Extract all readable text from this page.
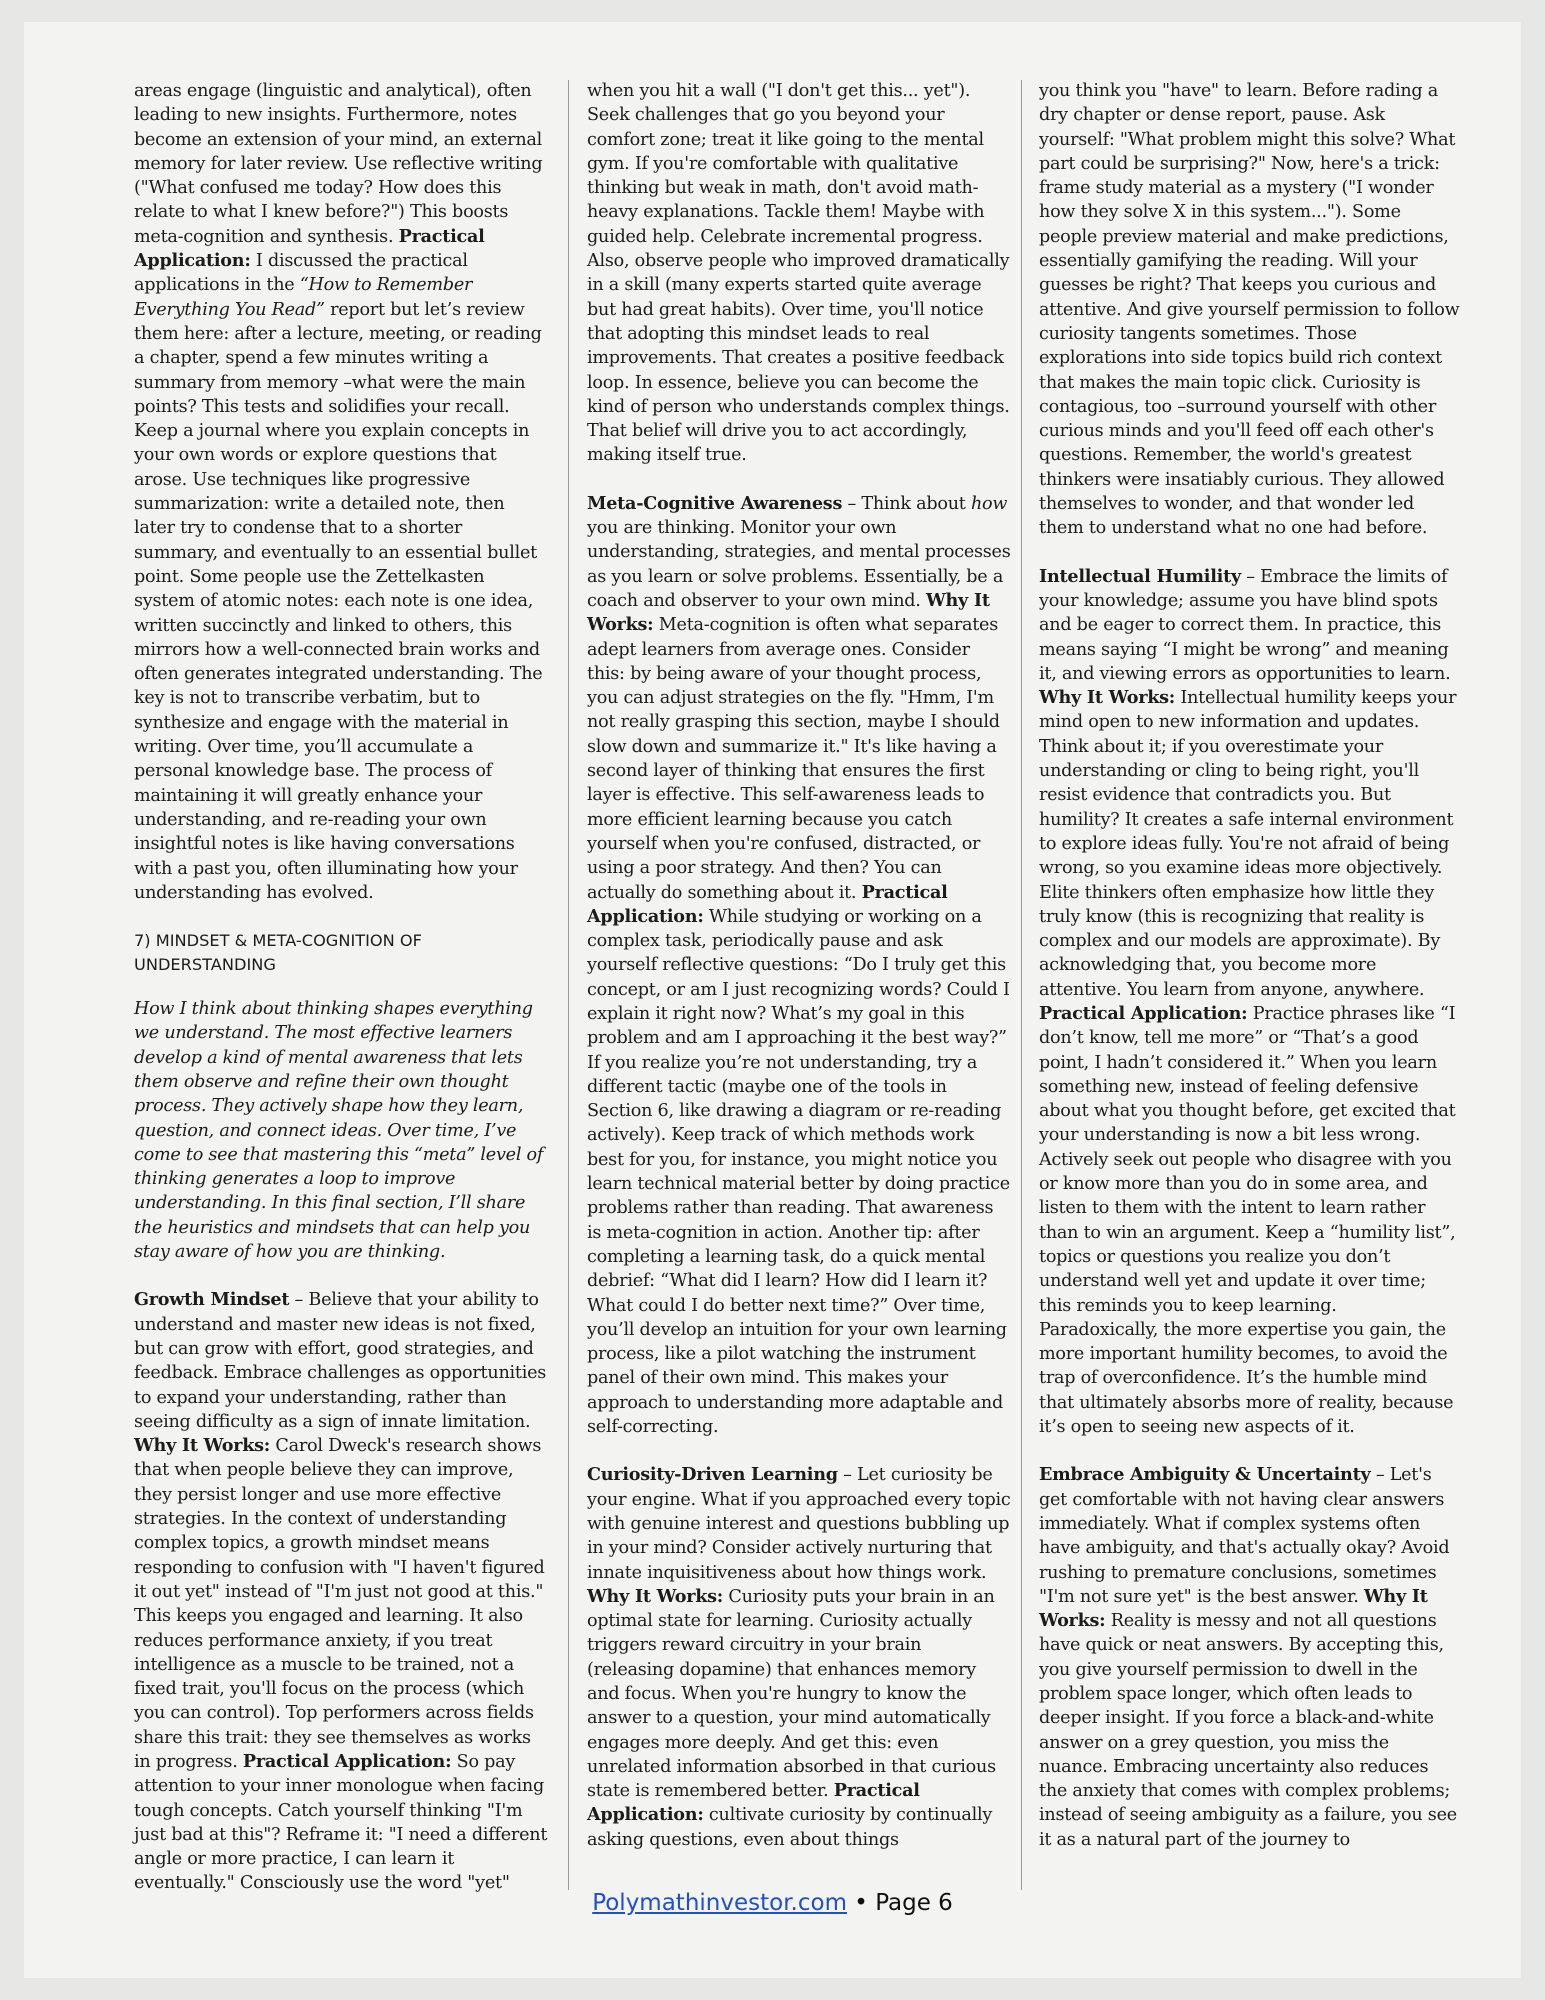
areas engage (linguistic and analytical), often leading to new insights. Furthermore, notes become an extension of your mind, an external memory for later review. Use reflective writing ("What confused me today? How does this relate to what I knew before?") This boosts meta-cognition and synthesis. Practical Application: I discussed the practical applications in the “How to Remember Everything You Read” report but let’s review them here: after a lecture, meeting, or reading a chapter, spend a few minutes writing a summary from memory –what were the main points? This tests and solidifies your recall. Keep a journal where you explain concepts in your own words or explore questions that arose. Use techniques like progressive summarization: write a detailed note, then later try to condense that to a shorter summary, and eventually to an essential bullet point. Some people use the Zettelkasten system of atomic notes: each note is one idea, written succinctly and linked to others, this mirrors how a well-connected brain works and often generates integrated understanding. The key is not to transcribe verbatim, but to synthesize and engage with the material in writing. Over time, you’ll accumulate a personal knowledge base. The process of maintaining it will greatly enhance your understanding, and re-reading your own insightful notes is like having conversations with a past you, often illuminating how your understanding has evolved.

7) MINDSET & META-COGNITION OF UNDERSTANDING

How I think about thinking shapes everything we understand. The most effective learners develop a kind of mental awareness that lets them observe and refine their own thought process. They actively shape how they learn, question, and connect ideas. Over time, I’ve come to see that mastering this “meta” level of thinking generates a loop to improve understanding. In this final section, I’ll share the heuristics and mindsets that can help you stay aware of how you are thinking.

Growth Mindset – Believe that your ability to understand and master new ideas is not fixed, but can grow with effort, good strategies, and feedback. Embrace challenges as opportunities to expand your understanding, rather than seeing difficulty as a sign of innate limitation. Why It Works: Carol Dweck's research shows that when people believe they can improve, they persist longer and use more effective strategies. In the context of understanding complex topics, a growth mindset means responding to confusion with "I haven't figured it out yet" instead of "I'm just not good at this." This keeps you engaged and learning. It also reduces performance anxiety, if you treat intelligence as a muscle to be trained, not a fixed trait, you'll focus on the process (which you can control). Top performers across fields share this trait: they see themselves as works in progress. Practical Application: So pay attention to your inner monologue when facing tough concepts. Catch yourself thinking "I'm just bad at this"? Reframe it: "I need a different angle or more practice, I can learn it eventually." Consciously use the word "yet"

when you hit a wall ("I don't get this... yet"). Seek challenges that go you beyond your comfort zone; treat it like going to the mental gym. If you're comfortable with qualitative thinking but weak in math, don't avoid math-heavy explanations. Tackle them! Maybe with guided help. Celebrate incremental progress. Also, observe people who improved dramatically in a skill (many experts started quite average but had great habits). Over time, you'll notice that adopting this mindset leads to real improvements. That creates a positive feedback loop. In essence, believe you can become the kind of person who understands complex things. That belief will drive you to act accordingly, making itself true.

Meta-Cognitive Awareness – Think about how you are thinking. Monitor your own understanding, strategies, and mental processes as you learn or solve problems. Essentially, be a coach and observer to your own mind. Why It Works: Meta-cognition is often what separates adept learners from average ones. Consider this: by being aware of your thought process, you can adjust strategies on the fly. "Hmm, I'm not really grasping this section, maybe I should slow down and summarize it." It's like having a second layer of thinking that ensures the first layer is effective. This self-awareness leads to more efficient learning because you catch yourself when you're confused, distracted, or using a poor strategy. And then? You can actually do something about it. Practical Application: While studying or working on a complex task, periodically pause and ask yourself reflective questions: “Do I truly get this concept, or am I just recognizing words? Could I explain it right now? What’s my goal in this problem and am I approaching it the best way?” If you realize you’re not understanding, try a different tactic (maybe one of the tools in Section 6, like drawing a diagram or re-reading actively). Keep track of which methods work best for you, for instance, you might notice you learn technical material better by doing practice problems rather than reading. That awareness is meta-cognition in action. Another tip: after completing a learning task, do a quick mental debrief: “What did I learn? How did I learn it? What could I do better next time?” Over time, you’ll develop an intuition for your own learning process, like a pilot watching the instrument panel of their own mind. This makes your approach to understanding more adaptable and self-correcting.

Curiosity-Driven Learning – Let curiosity be your engine. What if you approached every topic with genuine interest and questions bubbling up in your mind? Consider actively nurturing that innate inquisitiveness about how things work. Why It Works: Curiosity puts your brain in an optimal state for learning. Curiosity actually triggers reward circuitry in your brain (releasing dopamine) that enhances memory and focus. When you're hungry to know the answer to a question, your mind automatically engages more deeply. And get this: even unrelated information absorbed in that curious state is remembered better. Practical Application: cultivate curiosity by continually asking questions, even about things

you think you "have" to learn. Before rading a dry chapter or dense report, pause. Ask yourself: "What problem might this solve? What part could be surprising?" Now, here's a trick: frame study material as a mystery ("I wonder how they solve X in this system..."). Some people preview material and make predictions, essentially gamifying the reading. Will your guesses be right? That keeps you curious and attentive. And give yourself permission to follow curiosity tangents sometimes. Those explorations into side topics build rich context that makes the main topic click. Curiosity is contagious, too –surround yourself with other curious minds and you'll feed off each other's questions. Remember, the world's greatest thinkers were insatiably curious. They allowed themselves to wonder, and that wonder led them to understand what no one had before.

Intellectual Humility – Embrace the limits of your knowledge; assume you have blind spots and be eager to correct them. In practice, this means saying “I might be wrong” and meaning it, and viewing errors as opportunities to learn. Why It Works: Intellectual humility keeps your mind open to new information and updates. Think about it; if you overestimate your understanding or cling to being right, you'll resist evidence that contradicts you. But humility? It creates a safe internal environment to explore ideas fully. You're not afraid of being wrong, so you examine ideas more objectively. Elite thinkers often emphasize how little they truly know (this is recognizing that reality is complex and our models are approximate). By acknowledging that, you become more attentive. You learn from anyone, anywhere. Practical Application: Practice phrases like “I don’t know, tell me more” or “That’s a good point, I hadn’t considered it.” When you learn something new, instead of feeling defensive about what you thought before, get excited that your understanding is now a bit less wrong. Actively seek out people who disagree with you or know more than you do in some area, and listen to them with the intent to learn rather than to win an argument. Keep a “humility list”, topics or questions you realize you don’t understand well yet and update it over time; this reminds you to keep learning. Paradoxically, the more expertise you gain, the more important humility becomes, to avoid the trap of overconfidence. It’s the humble mind that ultimately absorbs more of reality, because it’s open to seeing new aspects of it.

Embrace Ambiguity & Uncertainty – Let's get comfortable with not having clear answers immediately. What if complex systems often have ambiguity, and that's actually okay? Avoid rushing to premature conclusions, sometimes "I'm not sure yet" is the best answer. Why It Works: Reality is messy and not all questions have quick or neat answers. By accepting this, you give yourself permission to dwell in the problem space longer, which often leads to deeper insight. If you force a black-and-white answer on a grey question, you miss the nuance. Embracing uncertainty also reduces the anxiety that comes with complex problems; instead of seeing ambiguity as a failure, you see it as a natural part of the journey to

Polymathinvestor.com • Page 6
